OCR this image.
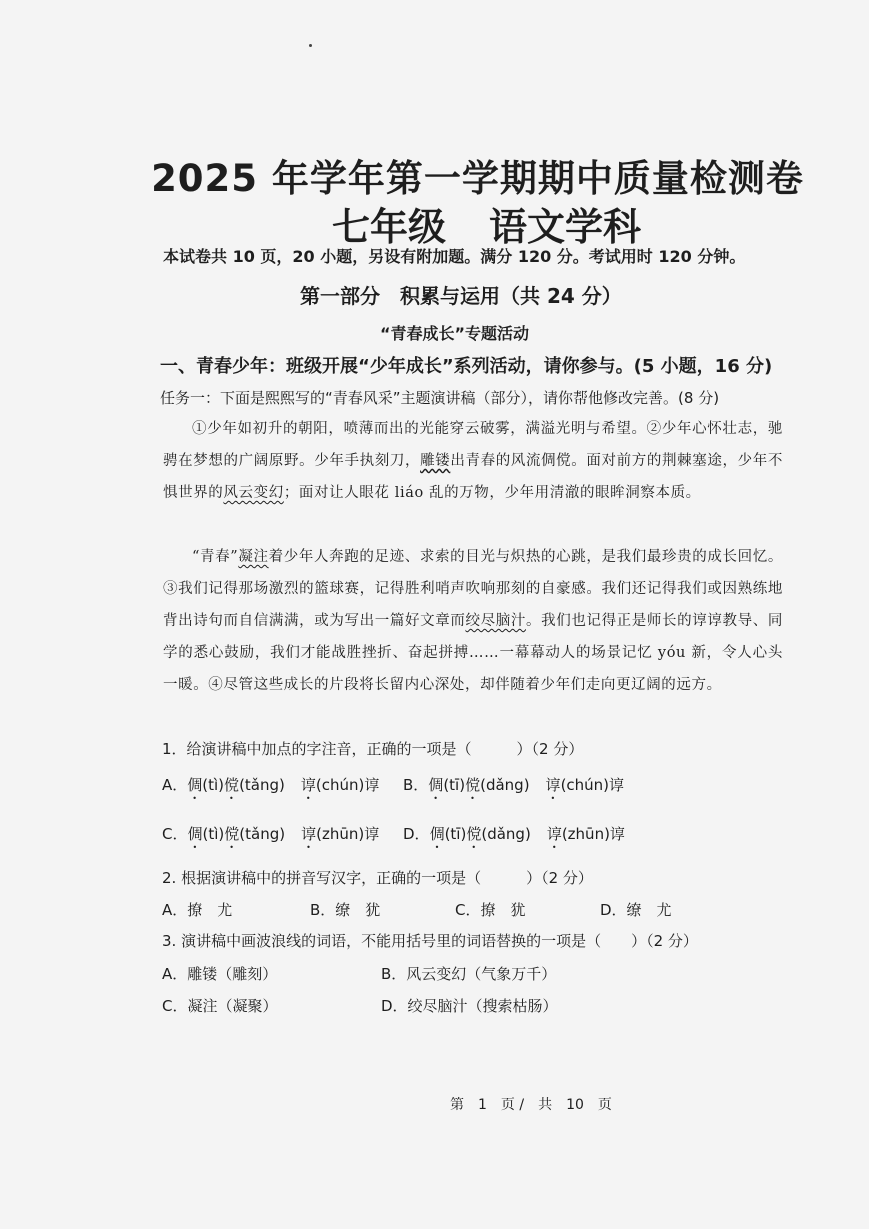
2025 年学年第一学期期中质量检测卷
七年级 语文学科
本试卷共 10 页，20 小题，另设有附加题。满分 120 分。考试用时 120 分钟。
第一部分　积累与运用（共 24 分）
“青春成长”专题活动
一、青春少年：班级开展“少年成长”系列活动，请你参与。(5 小题，16 分)
任务一：下面是熙熙写的“青春风采”主题演讲稿（部分），请你帮他修改完善。(8 分)
①少年如初升的朝阳，喷薄而出的光能穿云破雾，满溢光明与希望。②少年心怀壮志，驰骋在梦想的广阔原野。少年手执刻刀，雕镂出青春的风流倜傥。面对前方的荆棘塞途，少年不惧世界的风云变幻；面对让人眼花 liáo 乱的万物，少年用清澈的眼眸洞察本质。
“青春”凝注着少年人奔跑的足迹、求索的目光与炽热的心跳，是我们最珍贵的成长回忆。③我们记得那场激烈的篮球赛，记得胜利哨声吹响那刻的自豪感。我们还记得我们或因熟练地背出诗句而自信满满，或为写出一篇好文章而绞尽脑汁。我们也记得正是师长的谆谆教导、同学的悉心鼓励，我们才能战胜挫折、奋起拼搏……一幕幕动人的场景记忆 yóu 新，令人心头一暖。④尽管这些成长的片段将长留内心深处，却伴随着少年们走向更辽阔的远方。
1．给演讲稿中加点的字注音，正确的一项是（　　　）（2 分）
A．倜(tì)傥(tǎng) 谆(chún)谆 B．倜(tī)傥(dǎng) 谆(chún)谆
C．倜(tì)傥(tǎng) 谆(zhūn)谆 D．倜(tī)傥(dǎng) 谆(zhūn)谆
2. 根据演讲稿中的拼音写汉字，正确的一项是（　　　）（2 分）
A．撩　尤	B．缭　犹	C．撩　犹	D．缭　尤
3. 演讲稿中画波浪线的词语，不能用括号里的词语替换的一项是（　　）（2 分）
A．雕镂（雕刻）	B．风云变幻（气象万千）
C．凝注（凝聚）	D．绞尽脑汁（搜索枯肠）
第　1　页 /　共　10　页
